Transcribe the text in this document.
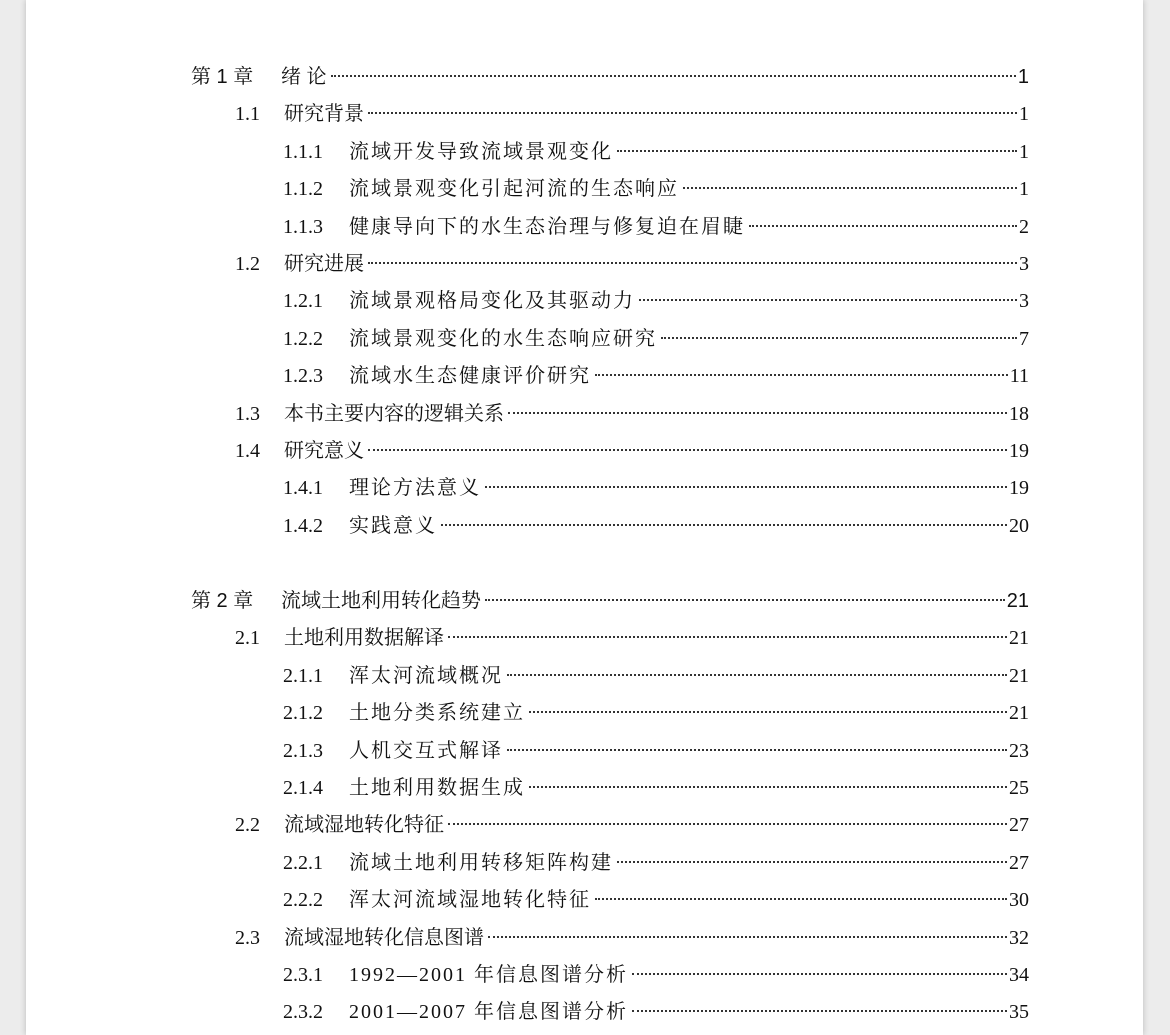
第 1 章	绪 论	1
1.1	研究背景	1
1.1.1	流域开发导致流域景观变化	1
1.1.2	流域景观变化引起河流的生态响应	1
1.1.3	健康导向下的水生态治理与修复迫在眉睫	2
1.2	研究进展	3
1.2.1	流域景观格局变化及其驱动力	3
1.2.2	流域景观变化的水生态响应研究	7
1.2.3	流域水生态健康评价研究	11
1.3	本书主要内容的逻辑关系	18
1.4	研究意义	19
1.4.1	理论方法意义	19
1.4.2	实践意义	20
第 2 章	流域土地利用转化趋势	21
2.1	土地利用数据解译	21
2.1.1	浑太河流域概况	21
2.1.2	土地分类系统建立	21
2.1.3	人机交互式解译	23
2.1.4	土地利用数据生成	25
2.2	流域湿地转化特征	27
2.2.1	流域土地利用转移矩阵构建	27
2.2.2	浑太河流域湿地转化特征	30
2.3	流域湿地转化信息图谱	32
2.3.1	1992—2001 年信息图谱分析	34
2.3.2	2001—2007 年信息图谱分析	35
